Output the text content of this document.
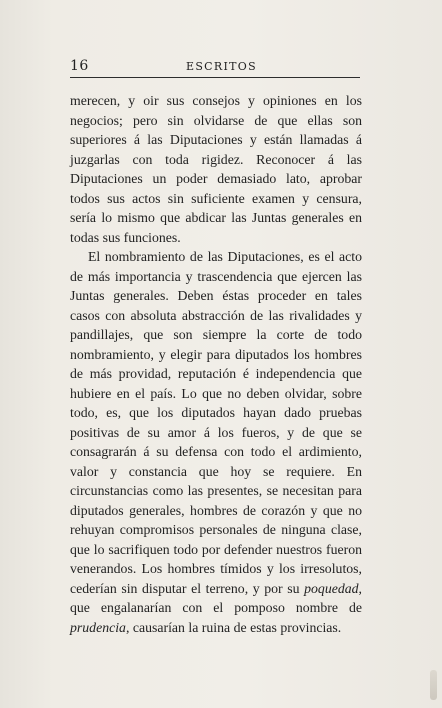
16	ESCRITOS

merecen, y oir sus consejos y opiniones en los negocios; pero sin olvidarse de que ellas son superiores á las Diputaciones y están llamadas á juzgarlas con toda rigidez. Reconocer á las Diputaciones un poder demasiado lato, aprobar todos sus actos sin suficiente examen y censura, sería lo mismo que abdicar las Juntas generales en todas sus funciones.

El nombramiento de las Diputaciones, es el acto de más importancia y trascendencia que ejercen las Juntas generales. Deben éstas proceder en tales casos con absoluta abstracción de las rivalidades y pandillajes, que son siempre la corte de todo nombramiento, y elegir para diputados los hombres de más providad, reputación é independencia que hubiere en el país. Lo que no deben olvidar, sobre todo, es, que los diputados hayan dado pruebas positivas de su amor á los fueros, y de que se consagrarán á su defensa con todo el ardimiento, valor y constancia que hoy se requiere. En circunstancias como las presentes, se necesitan para diputados generales, hombres de corazón y que no rehuyan compromisos personales de ninguna clase, que lo sacrifiquen todo por defender nuestros fueron venerandos. Los hombres tímidos y los irresolutos, cederían sin disputar el terreno, y por su poquedad, que engalanarían con el pomposo nombre de prudencia, causarían la ruina de estas provincias.
